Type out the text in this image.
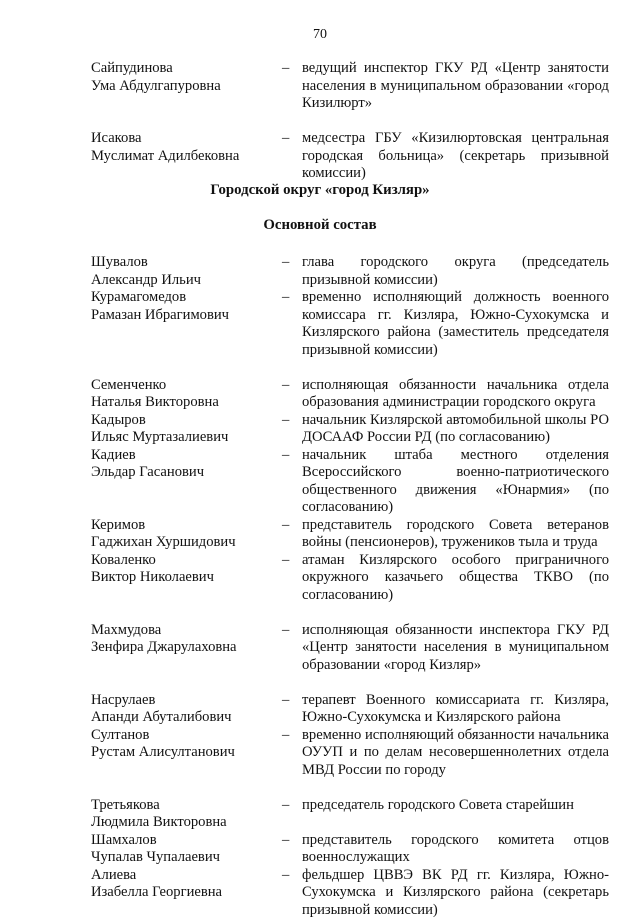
70
Сайпудинова
Ума Абдулгапуровна
– ведущий инспектор ГКУ РД «Центр занятости населения в муниципальном образовании «город Кизилюрт»
Исакова
Муслимат Адилбековна
– медсестра ГБУ «Кизилюртовская центральная городская больница» (секретарь призывной комиссии)
Городской округ «город Кизляр»
Основной состав
Шувалов
Александр Ильич
– глава городского округа (председатель призывной комиссии)
Курамагомедов
Рамазан Ибрагимович
– временно исполняющий должность военного комиссара гг. Кизляра, Южно-Сухокумска и Кизлярского района (заместитель председателя призывной комиссии)
Семенченко
Наталья Викторовна
– исполняющая обязанности начальника отдела образования администрации городского округа
Кадыров
Ильяс Муртазалиевич
– начальник Кизлярской автомобильной школы РО ДОСААФ России РД (по согласованию)
Кадиев
Эльдар Гасанович
– начальник штаба местного отделения Всероссийского военно-патриотического общественного движения «Юнармия» (по согласованию)
Керимов
Гаджихан Хуршидович
– представитель городского Совета ветеранов войны (пенсионеров), тружеников тыла и труда
Коваленко
Виктор Николаевич
– атаман Кизлярского особого приграничного окружного казачьего общества ТКВО (по согласованию)
Махмудова
Зенфира Джарулаховна
– исполняющая обязанности инспектора ГКУ РД «Центр занятости населения в муниципальном образовании «город Кизляр»
Насрулаев
Апанди Абуталибович
– терапевт Военного комиссариата гг. Кизляра, Южно-Сухокумска и Кизлярского района
Султанов
Рустам Алисултанович
– временно исполняющий обязанности начальника ОУУП и по делам несовершеннолетних отдела МВД России по городу
Третьякова
Людмила Викторовна
– председатель городского Совета старейшин
Шамхалов
Чупалав Чупалаевич
– представитель городского комитета отцов военнослужащих
Алиева
Изабелла Георгиевна
– фельдшер ЦВВЭ ВК РД гг. Кизляра, Южно-Сухокумска и Кизлярского района (секретарь призывной комиссии)
